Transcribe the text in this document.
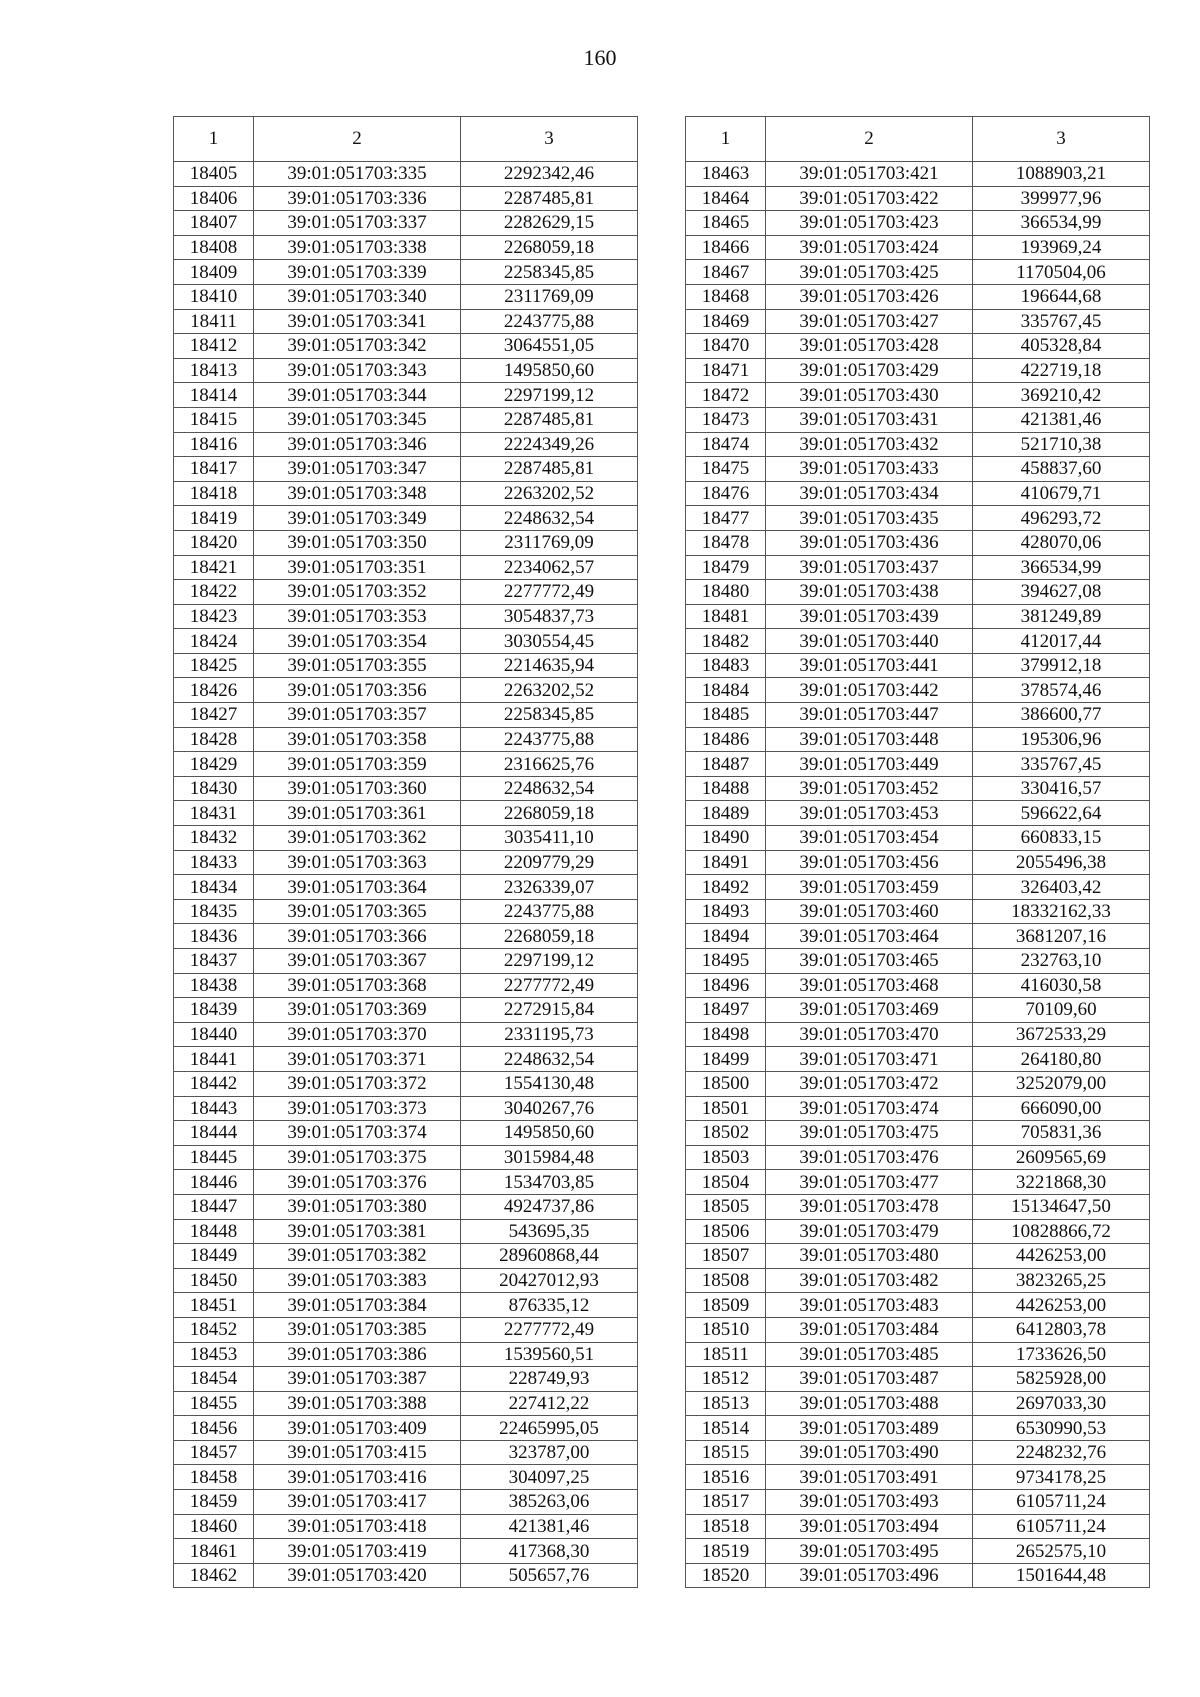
160
1	2	3
18405	39:01:051703:335	2292342,46
18406	39:01:051703:336	2287485,81
18407	39:01:051703:337	2282629,15
18408	39:01:051703:338	2268059,18
18409	39:01:051703:339	2258345,85
18410	39:01:051703:340	2311769,09
18411	39:01:051703:341	2243775,88
18412	39:01:051703:342	3064551,05
18413	39:01:051703:343	1495850,60
18414	39:01:051703:344	2297199,12
18415	39:01:051703:345	2287485,81
18416	39:01:051703:346	2224349,26
18417	39:01:051703:347	2287485,81
18418	39:01:051703:348	2263202,52
18419	39:01:051703:349	2248632,54
18420	39:01:051703:350	2311769,09
18421	39:01:051703:351	2234062,57
18422	39:01:051703:352	2277772,49
18423	39:01:051703:353	3054837,73
18424	39:01:051703:354	3030554,45
18425	39:01:051703:355	2214635,94
18426	39:01:051703:356	2263202,52
18427	39:01:051703:357	2258345,85
18428	39:01:051703:358	2243775,88
18429	39:01:051703:359	2316625,76
18430	39:01:051703:360	2248632,54
18431	39:01:051703:361	2268059,18
18432	39:01:051703:362	3035411,10
18433	39:01:051703:363	2209779,29
18434	39:01:051703:364	2326339,07
18435	39:01:051703:365	2243775,88
18436	39:01:051703:366	2268059,18
18437	39:01:051703:367	2297199,12
18438	39:01:051703:368	2277772,49
18439	39:01:051703:369	2272915,84
18440	39:01:051703:370	2331195,73
18441	39:01:051703:371	2248632,54
18442	39:01:051703:372	1554130,48
18443	39:01:051703:373	3040267,76
18444	39:01:051703:374	1495850,60
18445	39:01:051703:375	3015984,48
18446	39:01:051703:376	1534703,85
18447	39:01:051703:380	4924737,86
18448	39:01:051703:381	543695,35
18449	39:01:051703:382	28960868,44
18450	39:01:051703:383	20427012,93
18451	39:01:051703:384	876335,12
18452	39:01:051703:385	2277772,49
18453	39:01:051703:386	1539560,51
18454	39:01:051703:387	228749,93
18455	39:01:051703:388	227412,22
18456	39:01:051703:409	22465995,05
18457	39:01:051703:415	323787,00
18458	39:01:051703:416	304097,25
18459	39:01:051703:417	385263,06
18460	39:01:051703:418	421381,46
18461	39:01:051703:419	417368,30
18462	39:01:051703:420	505657,76
1	2	3
18463	39:01:051703:421	1088903,21
18464	39:01:051703:422	399977,96
18465	39:01:051703:423	366534,99
18466	39:01:051703:424	193969,24
18467	39:01:051703:425	1170504,06
18468	39:01:051703:426	196644,68
18469	39:01:051703:427	335767,45
18470	39:01:051703:428	405328,84
18471	39:01:051703:429	422719,18
18472	39:01:051703:430	369210,42
18473	39:01:051703:431	421381,46
18474	39:01:051703:432	521710,38
18475	39:01:051703:433	458837,60
18476	39:01:051703:434	410679,71
18477	39:01:051703:435	496293,72
18478	39:01:051703:436	428070,06
18479	39:01:051703:437	366534,99
18480	39:01:051703:438	394627,08
18481	39:01:051703:439	381249,89
18482	39:01:051703:440	412017,44
18483	39:01:051703:441	379912,18
18484	39:01:051703:442	378574,46
18485	39:01:051703:447	386600,77
18486	39:01:051703:448	195306,96
18487	39:01:051703:449	335767,45
18488	39:01:051703:452	330416,57
18489	39:01:051703:453	596622,64
18490	39:01:051703:454	660833,15
18491	39:01:051703:456	2055496,38
18492	39:01:051703:459	326403,42
18493	39:01:051703:460	18332162,33
18494	39:01:051703:464	3681207,16
18495	39:01:051703:465	232763,10
18496	39:01:051703:468	416030,58
18497	39:01:051703:469	70109,60
18498	39:01:051703:470	3672533,29
18499	39:01:051703:471	264180,80
18500	39:01:051703:472	3252079,00
18501	39:01:051703:474	666090,00
18502	39:01:051703:475	705831,36
18503	39:01:051703:476	2609565,69
18504	39:01:051703:477	3221868,30
18505	39:01:051703:478	15134647,50
18506	39:01:051703:479	10828866,72
18507	39:01:051703:480	4426253,00
18508	39:01:051703:482	3823265,25
18509	39:01:051703:483	4426253,00
18510	39:01:051703:484	6412803,78
18511	39:01:051703:485	1733626,50
18512	39:01:051703:487	5825928,00
18513	39:01:051703:488	2697033,30
18514	39:01:051703:489	6530990,53
18515	39:01:051703:490	2248232,76
18516	39:01:051703:491	9734178,25
18517	39:01:051703:493	6105711,24
18518	39:01:051703:494	6105711,24
18519	39:01:051703:495	2652575,10
18520	39:01:051703:496	1501644,48
